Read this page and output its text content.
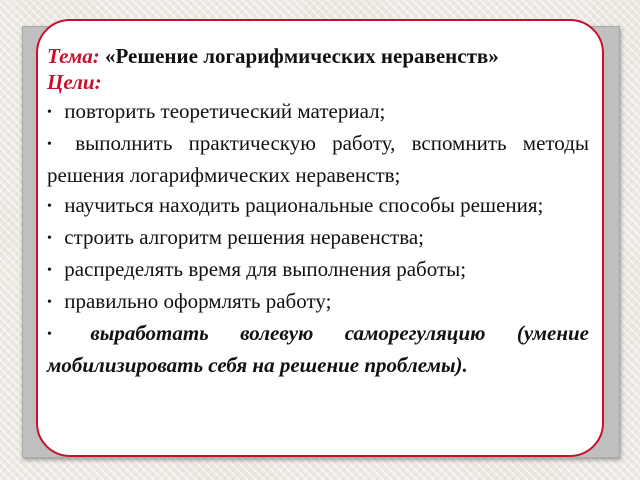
Тема: «Решение логарифмических неравенств»
Цели:
• повторить теоретический материал;
• выполнить практическую работу, вспомнить методы решения логарифмических неравенств;
• научиться находить рациональные способы решения;
• строить алгоритм решения неравенства;
• распределять время для выполнения работы;
• правильно оформлять работу;
• выработать волевую саморегуляцию (умение мобилизировать себя на решение проблемы).
